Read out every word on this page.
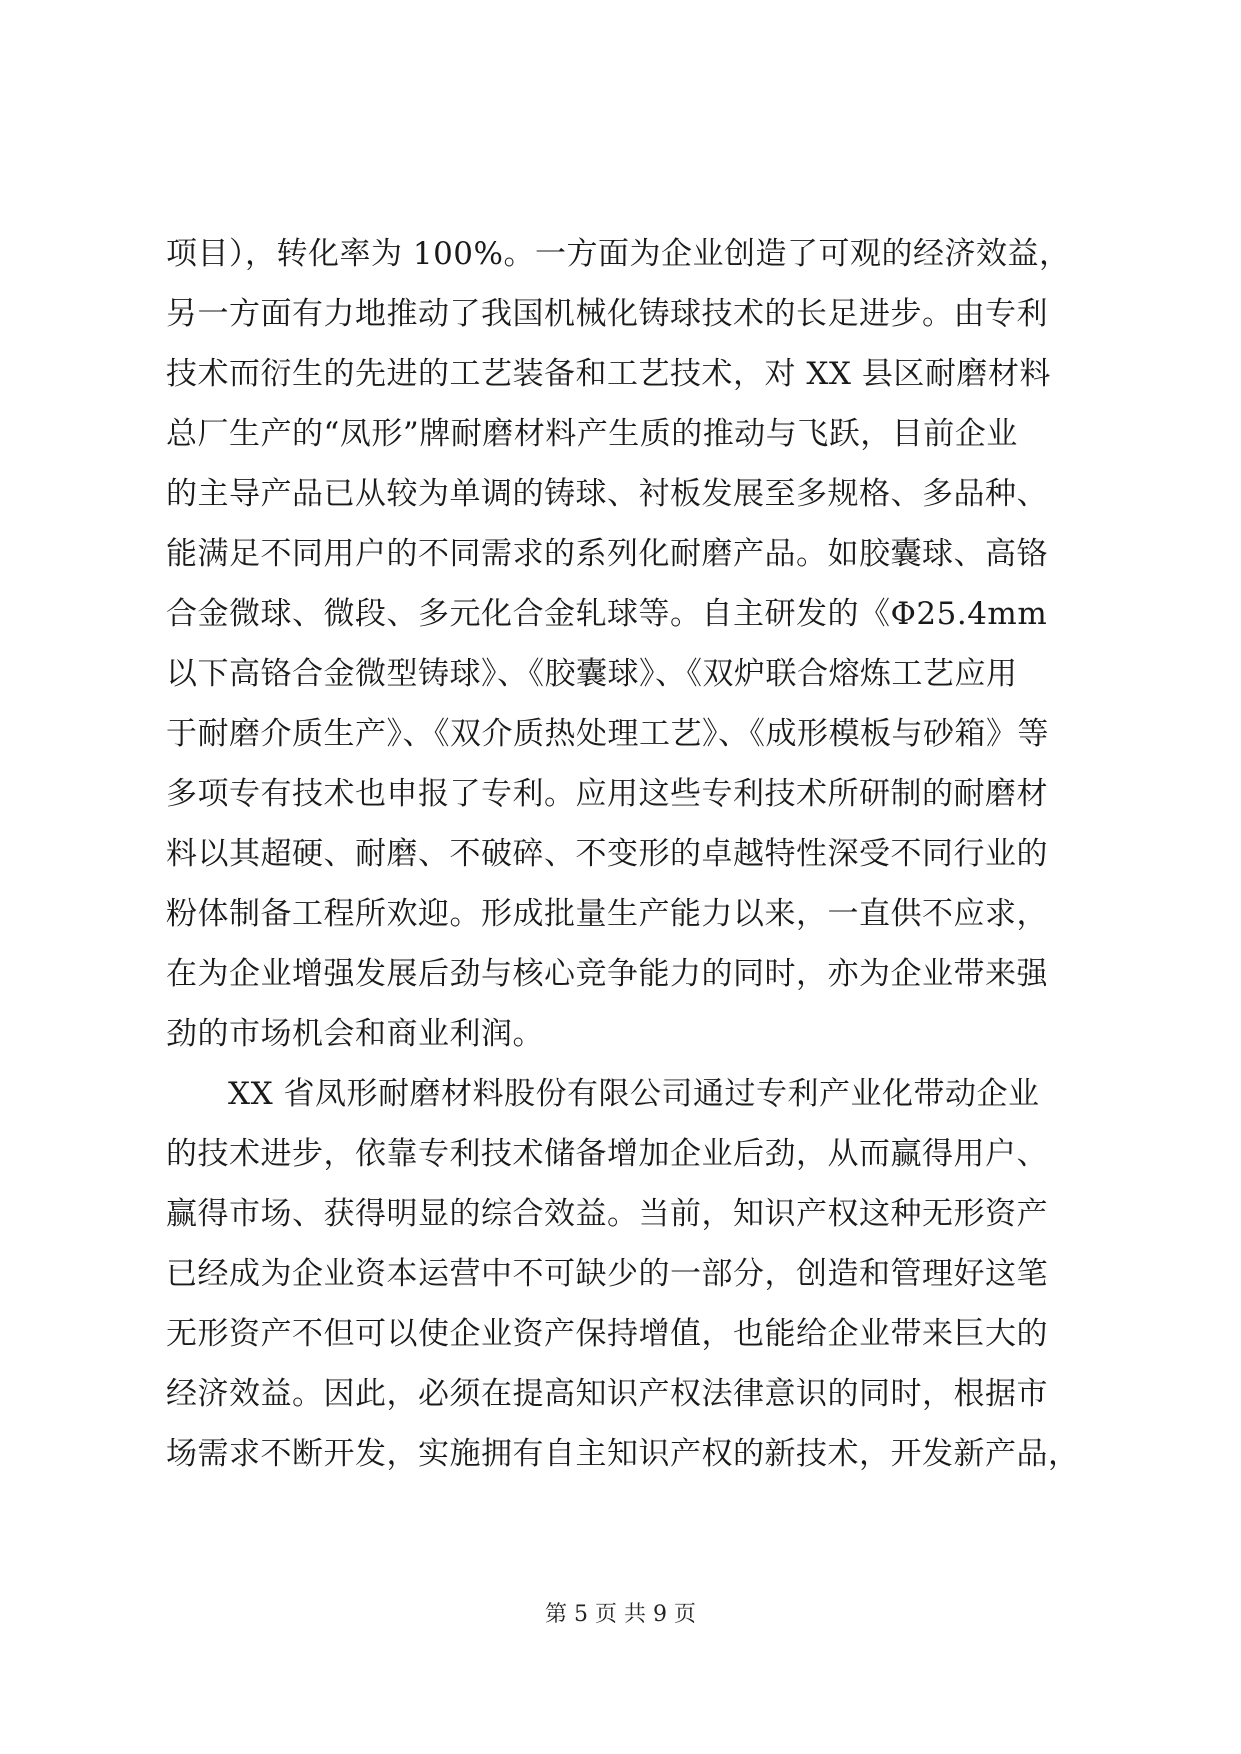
项目），转化率为 100%。一方面为企业创造了可观的经济效益，
另一方面有力地推动了我国机械化铸球技术的长足进步。由专利
技术而衍生的先进的工艺装备和工艺技术，对 XX 县区耐磨材料
总厂生产的“凤形”牌耐磨材料产生质的推动与飞跃，目前企业
的主导产品已从较为单调的铸球、衬板发展至多规格、多品种、
能满足不同用户的不同需求的系列化耐磨产品。如胶囊球、高铬
合金微球、微段、多元化合金轧球等。自主研发的《Φ25.4mm
以下高铬合金微型铸球》、《胶囊球》、《双炉联合熔炼工艺应用
于耐磨介质生产》、《双介质热处理工艺》、《成形模板与砂箱》等
多项专有技术也申报了专利。应用这些专利技术所研制的耐磨材
料以其超硬、耐磨、不破碎、不变形的卓越特性深受不同行业的
粉体制备工程所欢迎。形成批量生产能力以来，一直供不应求，
在为企业增强发展后劲与核心竞争能力的同时，亦为企业带来强
劲的市场机会和商业利润。
XX 省凤形耐磨材料股份有限公司通过专利产业化带动企业
的技术进步，依靠专利技术储备增加企业后劲，从而赢得用户、
赢得市场、获得明显的综合效益。当前，知识产权这种无形资产
已经成为企业资本运营中不可缺少的一部分，创造和管理好这笔
无形资产不但可以使企业资产保持增值，也能给企业带来巨大的
经济效益。因此，必须在提高知识产权法律意识的同时，根据市
场需求不断开发，实施拥有自主知识产权的新技术，开发新产品，
第 5 页 共 9 页
